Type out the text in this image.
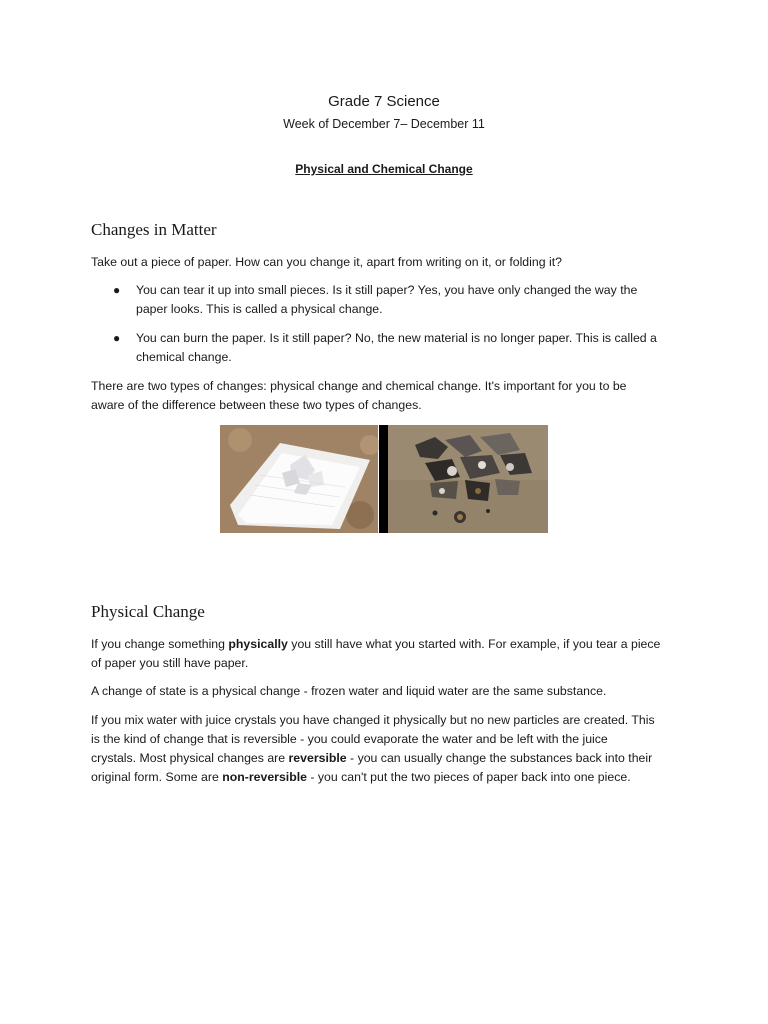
Grade 7 Science
Week of December 7– December 11
Physical and Chemical Change
Changes in Matter
Take out a piece of paper. How can you change it, apart from writing on it, or folding it?
● You can tear it up into small pieces. Is it still paper? Yes, you have only changed the way the
paper looks. This is called a physical change.
● You can burn the paper. Is it still paper? No, the new material is no longer paper. This is called a
chemical change.
There are two types of changes: physical change and chemical change. It's important for you to be
aware of the difference between these two types of changes.
Physical Change
If you change something physically you still have what you started with. For example, if you tear a piece
of paper you still have paper.
A change of state is a physical change - frozen water and liquid water are the same substance.
If you mix water with juice crystals you have changed it physically but no new particles are created. This
is the kind of change that is reversible - you could evaporate the water and be left with the juice
crystals. Most physical changes are reversible - you can usually change the substances back into their
original form. Some are non-reversible - you can't put the two pieces of paper back into one piece.
